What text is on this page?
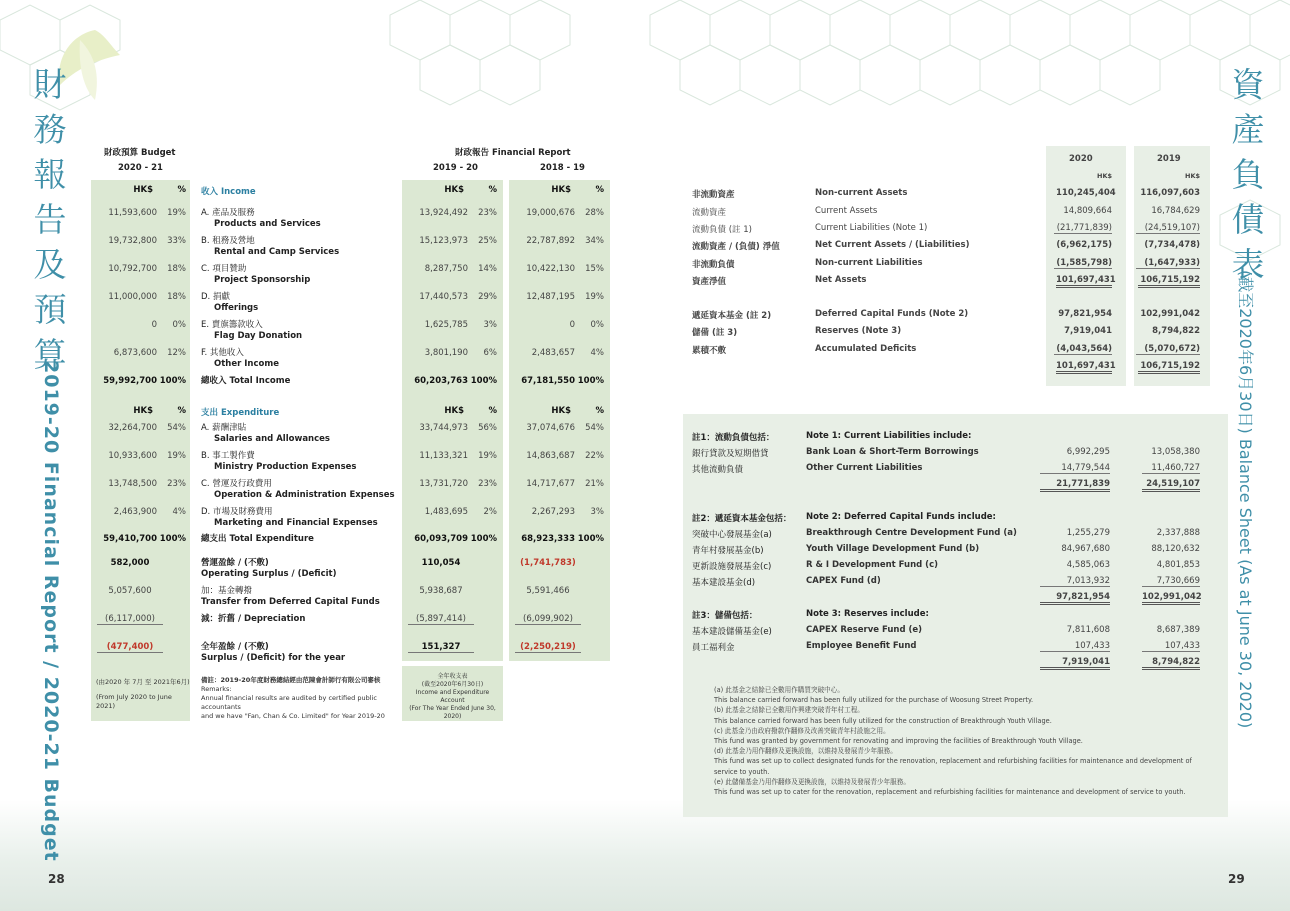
財務報告及預算
2019-20 Financial Report / 2020-21 Budget
28
資產負債表
(截至2020年6月30日) Balance Sheet (As at June 30, 2020)
29
財政預算 Budget
2020 - 21
財政報告 Financial Report
2019 - 20	2018 - 19
HK$	%	HK$	%	HK$	%
收入 Income
A. 產品及服務
Products and Services
11,593,600	19%	13,924,492	23%	19,000,676	28%
B. 租務及營地
Rental and Camp Services
19,732,800	33%	15,123,973	25%	22,787,892	34%
C. 項目贊助
Project Sponsorship
10,792,700	18%	8,287,750	14%	10,422,130	15%
D. 捐獻
Offerings
11,000,000	18%	17,440,573	29%	12,487,195	19%
E. 賣旗籌款收入
Flag Day Donation
0	0%	1,625,785	3%	0	0%
F. 其他收入
Other Income
6,873,600	12%	3,801,190	6%	2,483,657	4%
總收入 Total Income
59,992,700 100%	60,203,763 100%	67,181,550 100%
HK$	%	HK$	%	HK$	%
支出 Expenditure
A. 薪酬津貼
Salaries and Allowances
32,264,700	54%	33,744,973	56%	37,074,676	54%
B. 事工製作費
Ministry Production Expenses
10,933,600	19%	11,133,321	19%	14,863,687	22%
C. 營運及行政費用
Operation & Administration Expenses
13,748,500	23%	13,731,720	23%	14,717,677	21%
D. 市場及財務費用
Marketing and Financial Expenses
2,463,900	4%	1,483,695	2%	2,267,293	3%
總支出 Total Expenditure
59,410,700 100%	60,093,709 100%	68,923,333 100%
營運盈餘 / (不敷)
Operating Surplus / (Deficit)
582,000	110,054	(1,741,783)
加：基金轉撥
Transfer from Deferred Capital Funds
5,057,600	5,938,687	5,591,466
減：折舊 / Depreciation
(6,117,000)	(5,897,414)	(6,099,902)
全年盈餘 / (不敷)
Surplus / (Deficit) for the year
(477,400)	151,327	(2,250,219)
(由2020 年 7月 至 2021年6月)
(From July 2020 to June 2021)
備註：2019-20年度財務總結經由范陳會計師行有限公司審核
Remarks:
Annual financial results are audited by certified public accountants
and we have "Fan, Chan & Co. Limited" for Year 2019-20
全年收支表
(截至2020年6月30日)
Income and Expenditure Account
(For The Year Ended June 30,
2020)
2020	2019
HK$	HK$
非流動資產	Non-current Assets	110,245,404	116,097,603
流動資產	Current Assets	14,809,664	16,784,629
流動負債 (註 1)	Current Liabilities (Note 1)	(21,771,839)	(24,519,107)
流動資產 / (負債) 淨值	Net Current Assets / (Liabilities)	(6,962,175)	(7,734,478)
非流動負債	Non-current Liabilities	(1,585,798)	(1,647,933)
資產淨值	Net Assets	101,697,431	106,715,192
遞延資本基金 (註 2)	Deferred Capital Funds (Note 2)	97,821,954	102,991,042
儲備 (註 3)	Reserves (Note 3)	7,919,041	8,794,822
累積不敷	Accumulated Deficits	(4,043,564)	(5,070,672)
101,697,431	106,715,192
註1：流動負債包括：	Note 1: Current Liabilities include:
銀行貸款及短期借貸	Bank Loan & Short-Term Borrowings	6,992,295	13,058,380
其他流動負債	Other Current Liabilities	14,779,544	11,460,727
21,771,839	24,519,107
註2：遞延資本基金包括： Note 2: Deferred Capital Funds include:
突破中心發展基金(a)	Breakthrough Centre Development Fund (a)	1,255,279	2,337,888
青年村發展基金(b)	Youth Village Development Fund (b)	84,967,680	88,120,632
更新設施發展基金(c)	R & I Development Fund (c)	4,585,063	4,801,853
基本建設基金(d)	CAPEX Fund (d)	7,013,932	7,730,669
97,821,954	102,991,042
註3：儲備包括：	Note 3: Reserves include:
基本建設儲備基金(e)	CAPEX Reserve Fund (e)	7,811,608	8,687,389
員工福利金	Employee Benefit Fund	107,433	107,433
7,919,041	8,794,822
(a) 此基金之結餘已全數用作購買突破中心。
This balance carried forward has been fully utilized for the purchase of Woosung Street Property.
(b) 此基金之結餘已全數用作興建突破青年村工程。
This balance carried forward has been fully utilized for the construction of Breakthrough Youth Village.
(c) 此基金乃由政府撥款作翻修及改善突破青年村設施之用。
This fund was granted by government for renovating and improving the facilities of Breakthrough Youth Village.
(d) 此基金乃用作翻修及更換設施，以維持及發展青少年服務。
This fund was set up to collect designated funds for the renovation, replacement and refurbishing facilities for maintenance and development of
service to youth.
(e) 此儲備基金乃用作翻修及更換設施，以維持及發展青少年服務。
This fund was set up to cater for the renovation, replacement and refurbishing facilities for maintenance and development of service to youth.
